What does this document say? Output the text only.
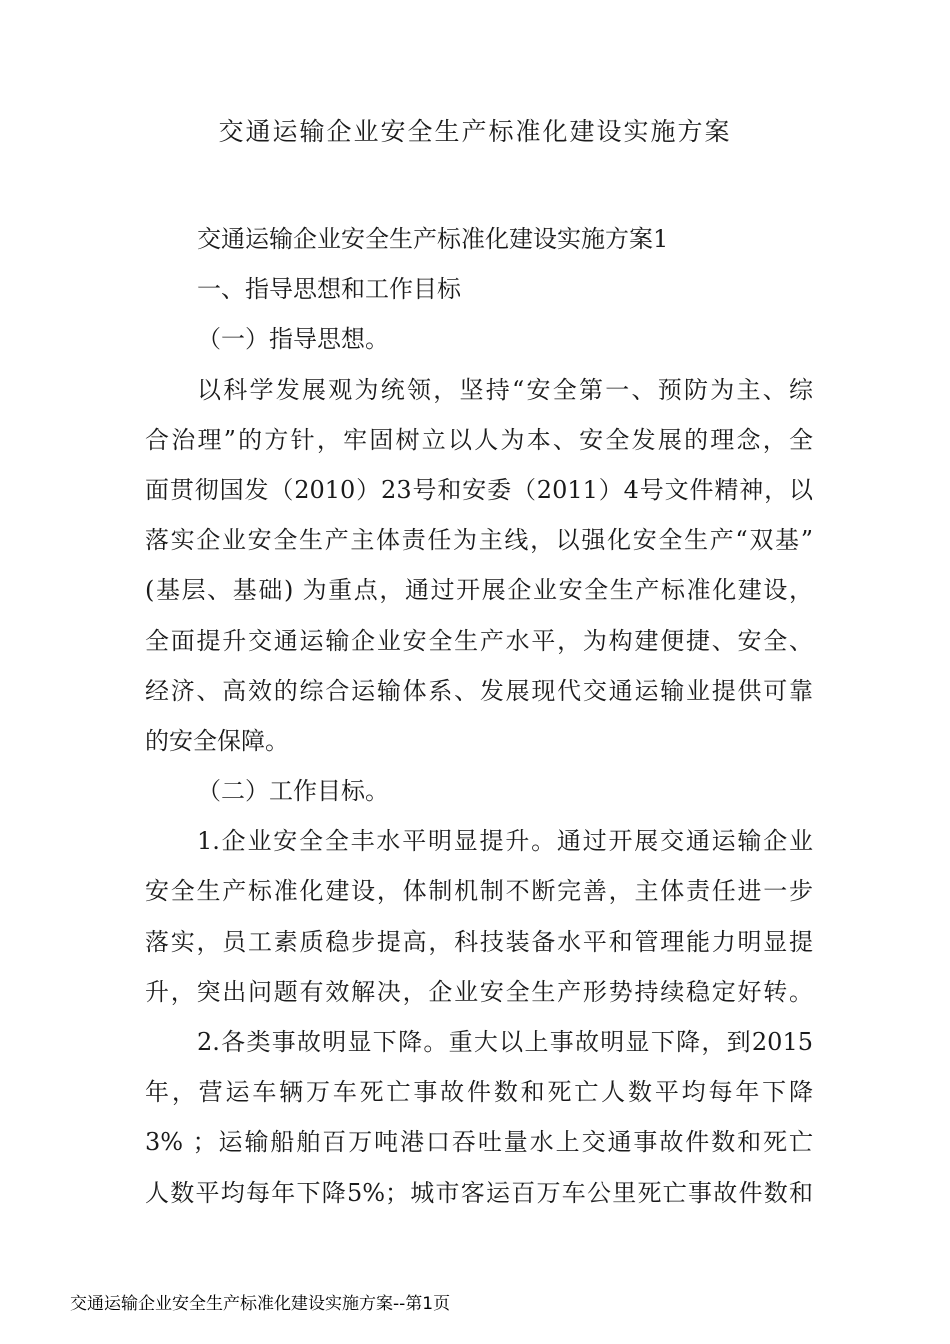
交通运输企业安全生产标准化建设实施方案
交通运输企业安全生产标准化建设实施方案1
一、指导思想和工作目标
（一）指导思想。
以科学发展观为统领，坚持“安全第一、预防为主、综
合治理”的方针，牢固树立以人为本、安全发展的理念，全
面贯彻国发（2010）23号和安委（2011）4号文件精神，以
落实企业安全生产主体责任为主线，以强化安全生产“双基”
(基层、基础) 为重点，通过开展企业安全生产标准化建设，
全面提升交通运输企业安全生产水平，为构建便捷、安全、
经济、高效的综合运输体系、发展现代交通运输业提供可靠
的安全保障。
（二）工作目标。
1.企业安全全丰水平明显提升。通过开展交通运输企业
安全生产标准化建设，体制机制不断完善，主体责任进一步
落实，员工素质稳步提高，科技装备水平和管理能力明显提
升，突出问题有效解决，企业安全生产形势持续稳定好转。
2.各类事故明显下降。重大以上事故明显下降，到2015
年，营运车辆万车死亡事故件数和死亡人数平均每年下降
3% ；运输船舶百万吨港口吞吐量水上交通事故件数和死亡
人数平均每年下降5%；城市客运百万车公里死亡事故件数和
交通运输企业安全生产标准化建设实施方案--第1页
